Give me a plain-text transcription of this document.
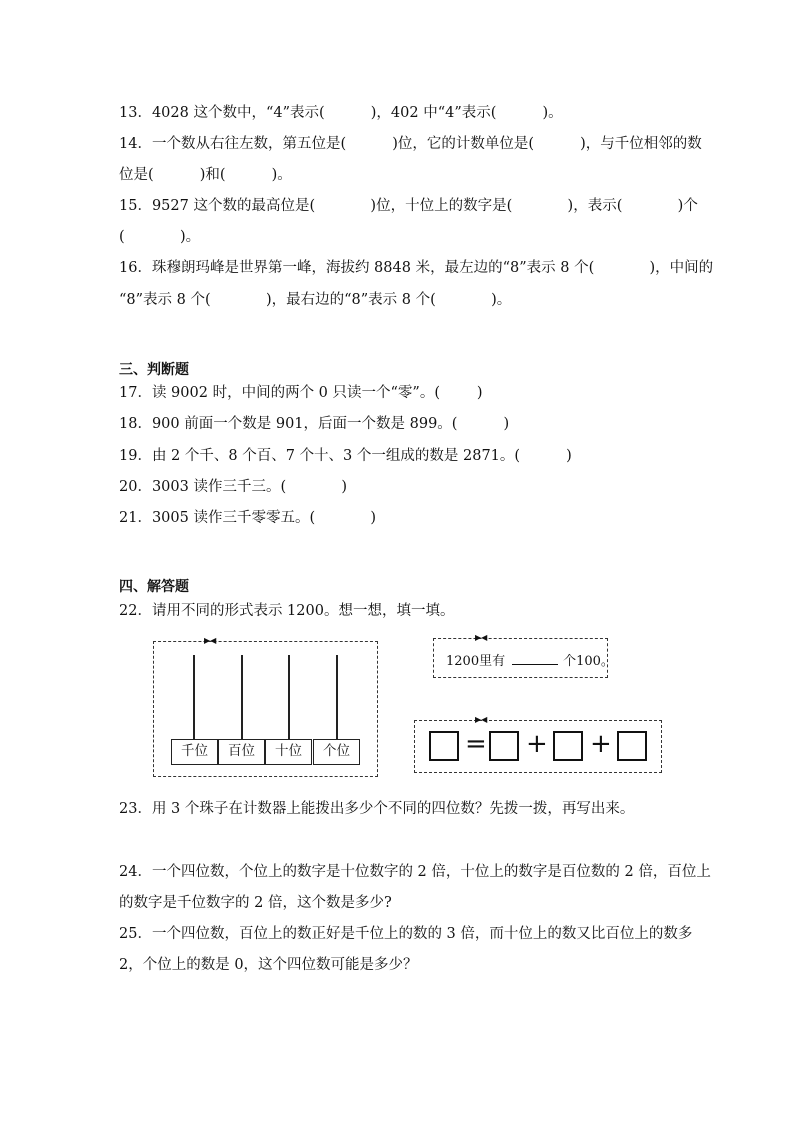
13．4028 这个数中，“4”表示(          )，402 中“4”表示(          )。
14．一个数从右往左数，第五位是(          )位，它的计数单位是(          )，与千位相邻的数
位是(          )和(          )。
15．9527 这个数的最高位是(            )位，十位上的数字是(            )，表示(            )个
(            )。
16．珠穆朗玛峰是世界第一峰，海拔约 8848 米，最左边的“8”表示 8 个(            )，中间的
“8”表示 8 个(            )，最右边的“8”表示 8 个(            )。
三、判断题
17．读 9002 时，中间的两个 0 只读一个“零”。(        )
18．900 前面一个数是 901，后面一个数是 899。(          )
19．由 2 个千、8 个百、7 个十、3 个一组成的数是 2871。(          )
20．3003 读作三千三。(            )
21．3005 读作三千零零五。(            )
四、解答题
22．请用不同的形式表示 1200。想一想，填一填。
▶◀
千位	百位	十位	个位
▶◀
1200里有	个100。
▶◀
= + +
23．用 3 个珠子在计数器上能拨出多少个不同的四位数？先拨一拨，再写出来。
24．一个四位数，个位上的数字是十位数字的 2 倍，十位上的数字是百位数的 2 倍，百位上
的数字是千位数字的 2 倍，这个数是多少?
25．一个四位数，百位上的数正好是千位上的数的 3 倍，而十位上的数又比百位上的数多
2，个位上的数是 0，这个四位数可能是多少？
